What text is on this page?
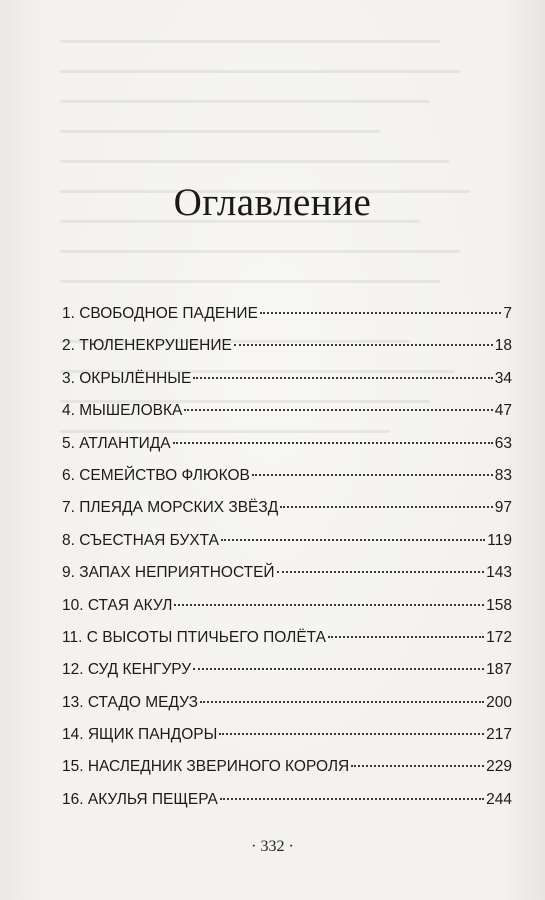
Оглавление
1. СВОБОДНОЕ ПАДЕНИЕ	7
2. ТЮЛЕНЕКРУШЕНИЕ	18
3. ОКРЫЛЁННЫЕ	34
4. МЫШЕЛОВКА	47
5. АТЛАНТИДА	63
6. СЕМЕЙСТВО ФЛЮКОВ	83
7. ПЛЕЯДА МОРСКИХ ЗВЁЗД	97
8. СЪЕСТНАЯ БУХТА	119
9. ЗАПАХ НЕПРИЯТНОСТЕЙ	143
10. СТАЯ АКУЛ	158
11. С ВЫСОТЫ ПТИЧЬЕГО ПОЛЁТА	172
12. СУД КЕНГУРУ	187
13. СТАДО МЕДУЗ	200
14. ЯЩИК ПАНДОРЫ	217
15. НАСЛЕДНИК ЗВЕРИНОГО КОРОЛЯ	229
16. АКУЛЬЯ ПЕЩЕРА	244
· 332 ·
